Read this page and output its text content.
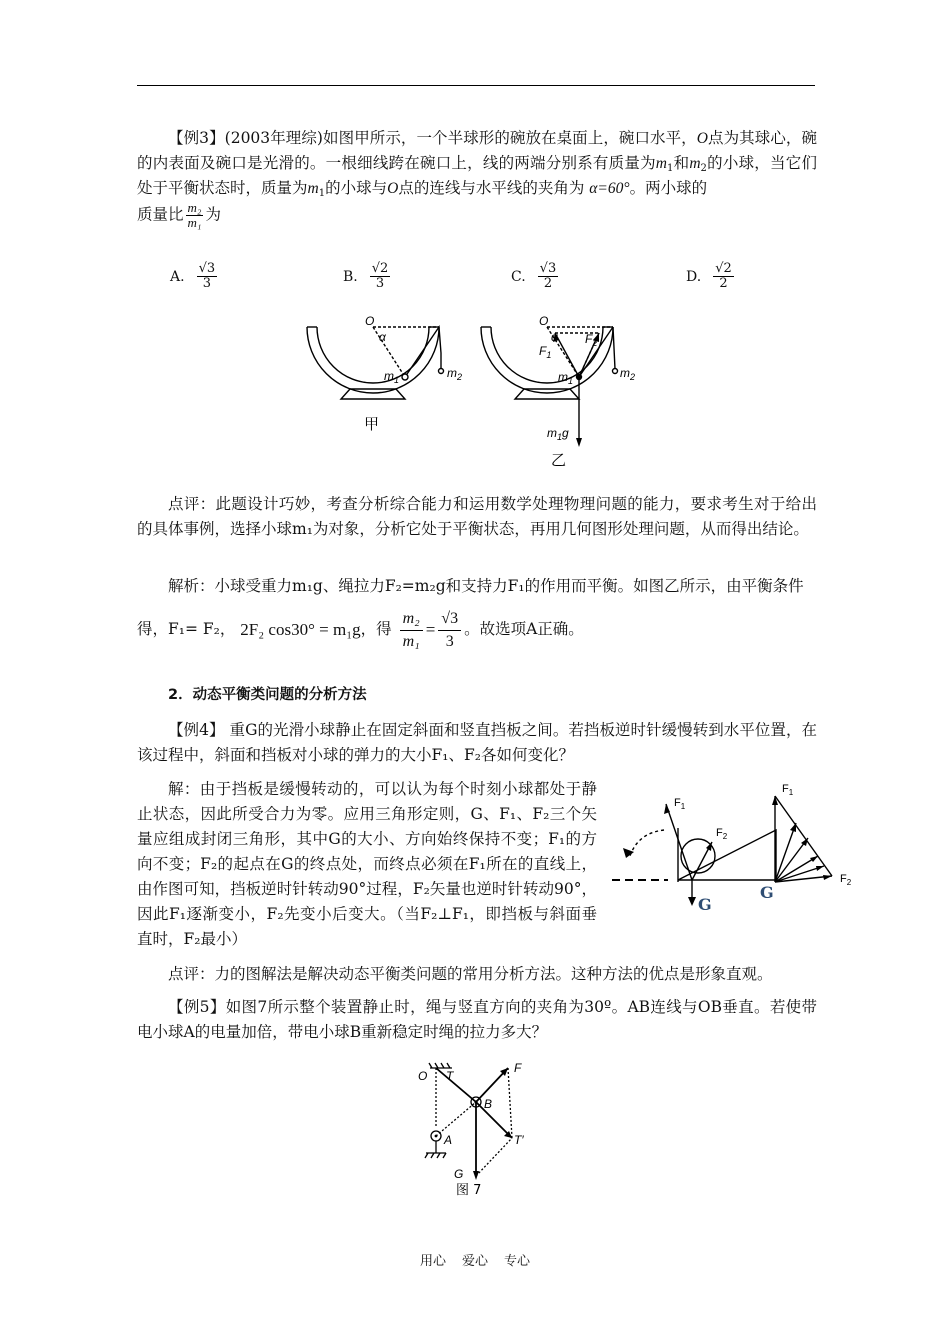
【例3】(2003年理综)如图甲所示，一个半球形的碗放在桌面上，碗口水平，O点为其球心，碗的内表面及碗口是光滑的。一根细线跨在碗口上，线的两端分别系有质量为$m_1$和$m_2$的小球，当它们处于平衡状态时，质量为$m_1$的小球与O点的连线与水平线的夹角为 α=60°。两小球的
质量比 $\frac{\text{m₂}}{\text{m₁}}$ 为
A. $\frac{√3}{3}$	B. $\frac{√2}{3}$	C. $\frac{√3}{2}$	D. $\frac{√2}{2}$
O
α
$m_1$	$m_2$
O
α
$F_1$
$F_2$
$m_1$
$m_2$
$m_1g$
甲
乙
点评：此题设计巧妙，考查分析综合能力和运用数学处理物理问题的能力，要求考生对于给出的具体事例，选择小球m₁为对象，分析它处于平衡状态，再用几何图形处理问题，从而得出结论。
解析：小球受重力m₁g、绳拉力F₂=m₂g和支持力F₁的作用而平衡。如图乙所示，由平衡条件
得，F₁= F₂， 2F₂ cos30° = m₁g，得 $\frac{\text{m₂}}{\text{m₁}} = \frac{√3}{3}$ 。故选项A正确。
2．动态平衡类问题的分析方法
【例4】 重G的光滑小球静止在固定斜面和竖直挡板之间。若挡板逆时针缓慢转到水平位置，在该过程中，斜面和挡板对小球的弹力的大小F₁、F₂各如何变化？
解：由于挡板是缓慢转动的，可以认为每个时刻小球都处于静止状态，因此所受合力为零。应用三角形定则，G、F₁、F₂三个矢量应组成封闭三角形，其中G的大小、方向始终保持不变；F₁的方向不变；F₂的起点在G的终点处，而终点必须在F₁所在的直线上，由作图可知，挡板逆时针转动90°过程，F₂矢量也逆时针转动90°，因此F₁逐渐变小，F₂先变小后变大。（当F₂⊥F₁，即挡板与斜面垂直时，F₂最小）
$F_1$
$F_2$
G
G
$F_1$
$F_2$
点评：力的图解法是解决动态平衡类问题的常用分析方法。这种方法的优点是形象直观。
【例5】如图7所示整个装置静止时，绳与竖直方向的夹角为30º。AB连线与OB垂直。若使带电小球A的电量加倍，带电小球B重新稳定时绳的拉力多大？
O T
F
B
A	T′
G
图 7
用心 爱心 专心
